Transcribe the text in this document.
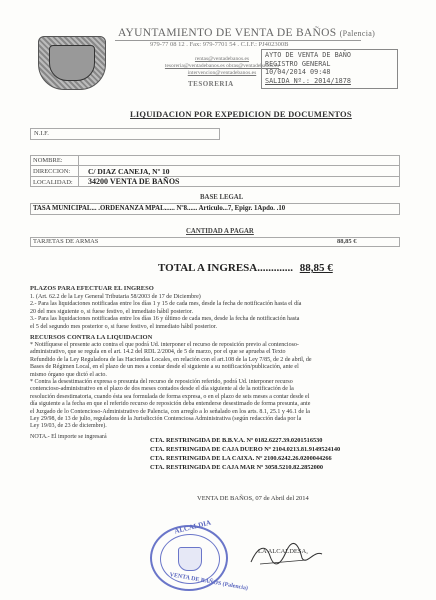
AYUNTAMIENTO DE VENTA DE BAÑOS (Palencia)
979-77 08 12 . Fax: 979-7701 54 . C.I.F.: PJ402300B
rentas@ventadebanos.es
tesoreria@ventadebanos.es obras@ventadebanos.es
intervencion@ventadebanos.es
TESORERIA
AYTO DE VENTA DE BAÑO
REGISTRO GENERAL
10/04/2014 09:48
SALIDA Nº.: 2014/1878
LIQUIDACION POR EXPEDICION DE DOCUMENTOS
N.I.F.
NOMBRE:
DIRECCION: C/ DIAZ CANEJA, Nº 10
LOCALIDAD: 34200 VENTA DE BAÑOS
BASE LEGAL
TASA MUNICIPAL... .ORDENANZA MPAL...... Nº8...... Articulo...7, Epigr. 1Apdo. .10
CANTIDAD A PAGAR
TARJETAS DE ARMAS	88,85 €
TOTAL A INGRESA............. 88,85 €
PLAZOS PARA EFECTUAR EL INGRESO
1. (Art. 62.2 de la Ley General Tributaria 58/2003 de 17 de Diciembre)
2.- Para las liquidaciones notificadas entre los días 1 y 15 de cada mes, desde la fecha de notificación hasta el día
20 del mes siguiente o, si fuese festivo, el inmediato hábil posterior.
3.- Para las liquidaciones notificadas entre los días 16 y último de cada mes, desde la fecha de notificación hasta
el 5 del segundo mes posterior o, si fuese festivo, el inmediato hábil posterior.
RECURSOS CONTRA LA LIQUIDACION
* Notifíquese el presente acto contra el que podrá Ud. interponer el recurso de reposición previo al contencioso-
administrativo, que se regula en el art. 14.2 del RDL 2/2004, de 5 de marzo, por el que se aprueba el Texto
Refundido de la Ley Reguladora de las Haciendas Locales, en relación con el art.108 de la Ley 7/85, de 2 de abril, de
Bases de Régimen Local, en el plazo de un mes a contar desde el siguiente a su notificación/publicación, ante el
mismo órgano que dictó el acto.
* Contra la desestimación expresa o presunta del recurso de reposición referido, podrá Ud. interponer recurso
contencioso-administrativo en el plazo de dos meses contados desde el día siguiente al de la notificación de la
resolución desestimatoria, cuando ésta sea formulada de forma expresa, o en el plazo de seis meses a contar desde el
día siguiente a la fecha en que el referido recurso de reposición deba entenderse desestimado de forma presunta, ante
el Juzgado de lo Contencioso-Administrativo de Palencia, con arreglo a lo señalado en los arts. 8.1, 25.1 y 46.1 de la
Ley 29/98, de 13 de julio, reguladora de la Jurisdicción Contenciosa Administrativa (según redacción dada por la
Ley 19/03, de 23 de diciembre).
NOTA.- El importe se ingresará	CTA. RESTRINGIDA DE B.B.V.A. Nº 0182.6227.39.0201516530
CTA. RESTRINGIDA DE CAJA DUERO Nº 2104.0213.81.9149524140
CTA. RESTRINGIDA DE LA CAIXA. Nº 2100.6242.26.0200044266
CTA. RESTRINGIDA DE CAJA MAR Nº 3058.5210.82.2852000
VENTA DE BAÑOS, 07 de Abril del 2014
LA ALCALDESA,
ALCALDIA
VENTA DE BAÑOS (Palencia)
